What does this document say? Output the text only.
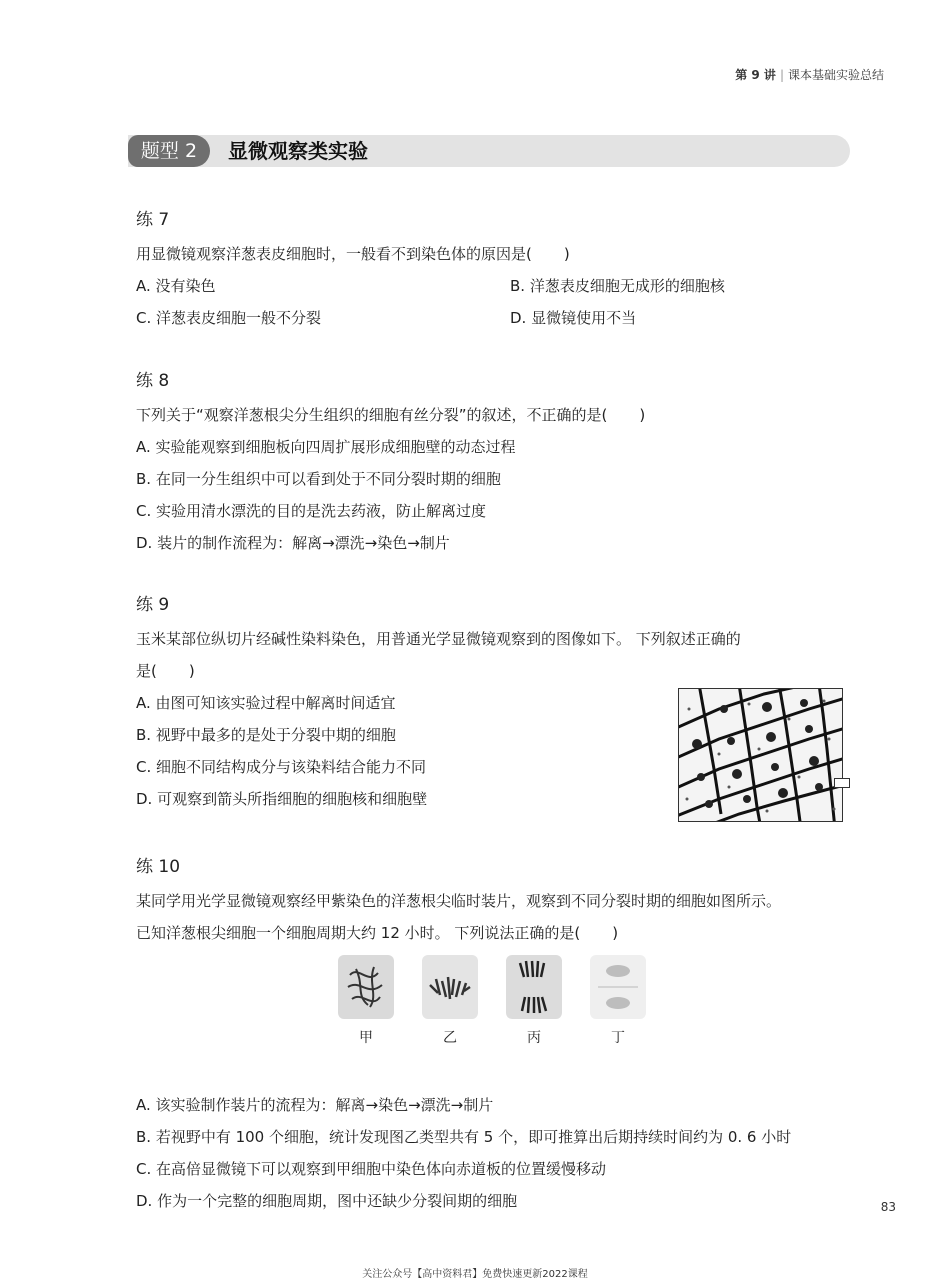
第 9 讲 | 课本基础实验总结
题型 2	显微观察类实验
练 7
用显微镜观察洋葱表皮细胞时，一般看不到染色体的原因是( )
A. 没有染色	B. 洋葱表皮细胞无成形的细胞核
C. 洋葱表皮细胞一般不分裂	D. 显微镜使用不当
练 8
下列关于“观察洋葱根尖分生组织的细胞有丝分裂”的叙述，不正确的是( )
A. 实验能观察到细胞板向四周扩展形成细胞壁的动态过程
B. 在同一分生组织中可以看到处于不同分裂时期的细胞
C. 实验用清水漂洗的目的是洗去药液，防止解离过度
D. 装片的制作流程为：解离→漂洗→染色→制片
练 9
玉米某部位纵切片经碱性染料染色，用普通光学显微镜观察到的图像如下。 下列叙述正确的
是( )
A. 由图可知该实验过程中解离时间适宜
B. 视野中最多的是处于分裂中期的细胞
C. 细胞不同结构成分与该染料结合能力不同
D. 可观察到箭头所指细胞的细胞核和细胞壁
练 10
某同学用光学显微镜观察经甲紫染色的洋葱根尖临时装片，观察到不同分裂时期的细胞如图所示。
已知洋葱根尖细胞一个细胞周期大约 12 小时。 下列说法正确的是( )
A. 该实验制作装片的流程为：解离→染色→漂洗→制片
B. 若视野中有 100 个细胞，统计发现图乙类型共有 5 个，即可推算出后期持续时间约为 0. 6 小时
C. 在高倍显微镜下可以观察到甲细胞中染色体向赤道板的位置缓慢移动
D. 作为一个完整的细胞周期，图中还缺少分裂间期的细胞
甲	乙	丙	丁
83
关注公众号【高中资料君】免费快速更新2022课程
